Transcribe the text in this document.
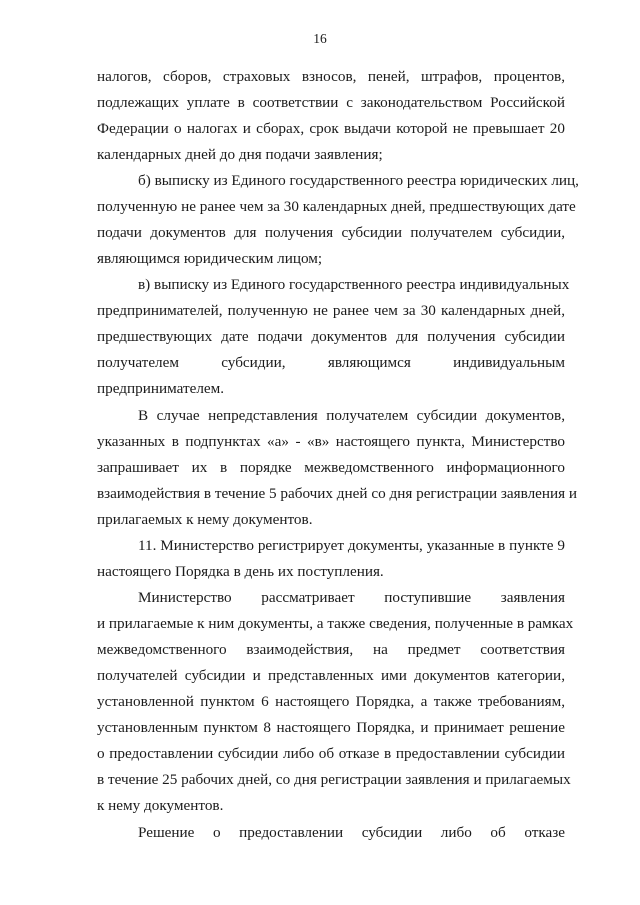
16
налогов, сборов, страховых взносов, пеней, штрафов, процентов,
подлежащих уплате в соответствии с законодательством Российской
Федерации о налогах и сборах, срок выдачи которой не превышает 20
календарных дней до дня подачи заявления;
б) выписку из Единого государственного реестра юридических лиц,
полученную не ранее чем за 30 календарных дней, предшествующих дате
подачи документов для получения субсидии получателем субсидии,
являющимся юридическим лицом;
в) выписку из Единого государственного реестра индивидуальных
предпринимателей, полученную не ранее чем за 30 календарных дней,
предшествующих дате подачи документов для получения субсидии
получателем субсидии, являющимся индивидуальным
предпринимателем.
В случае непредставления получателем субсидии документов,
указанных в подпунктах «а» - «в» настоящего пункта, Министерство
запрашивает их в порядке межведомственного информационного
взаимодействия в течение 5 рабочих дней со дня регистрации заявления и
прилагаемых к нему документов.
11. Министерство регистрирует документы, указанные в пункте 9
настоящего Порядка в день их поступления.
Министерство рассматривает поступившие заявления
и прилагаемые к ним документы, а также сведения, полученные в рамках
межведомственного взаимодействия, на предмет соответствия
получателей субсидии и представленных ими документов категории,
установленной пунктом 6 настоящего Порядка, а также требованиям,
установленным пунктом 8 настоящего Порядка, и принимает решение
о предоставлении субсидии либо об отказе в предоставлении субсидии
в течение 25 рабочих дней, со дня регистрации заявления и прилагаемых
к нему документов.
Решение о предоставлении субсидии либо об отказе
